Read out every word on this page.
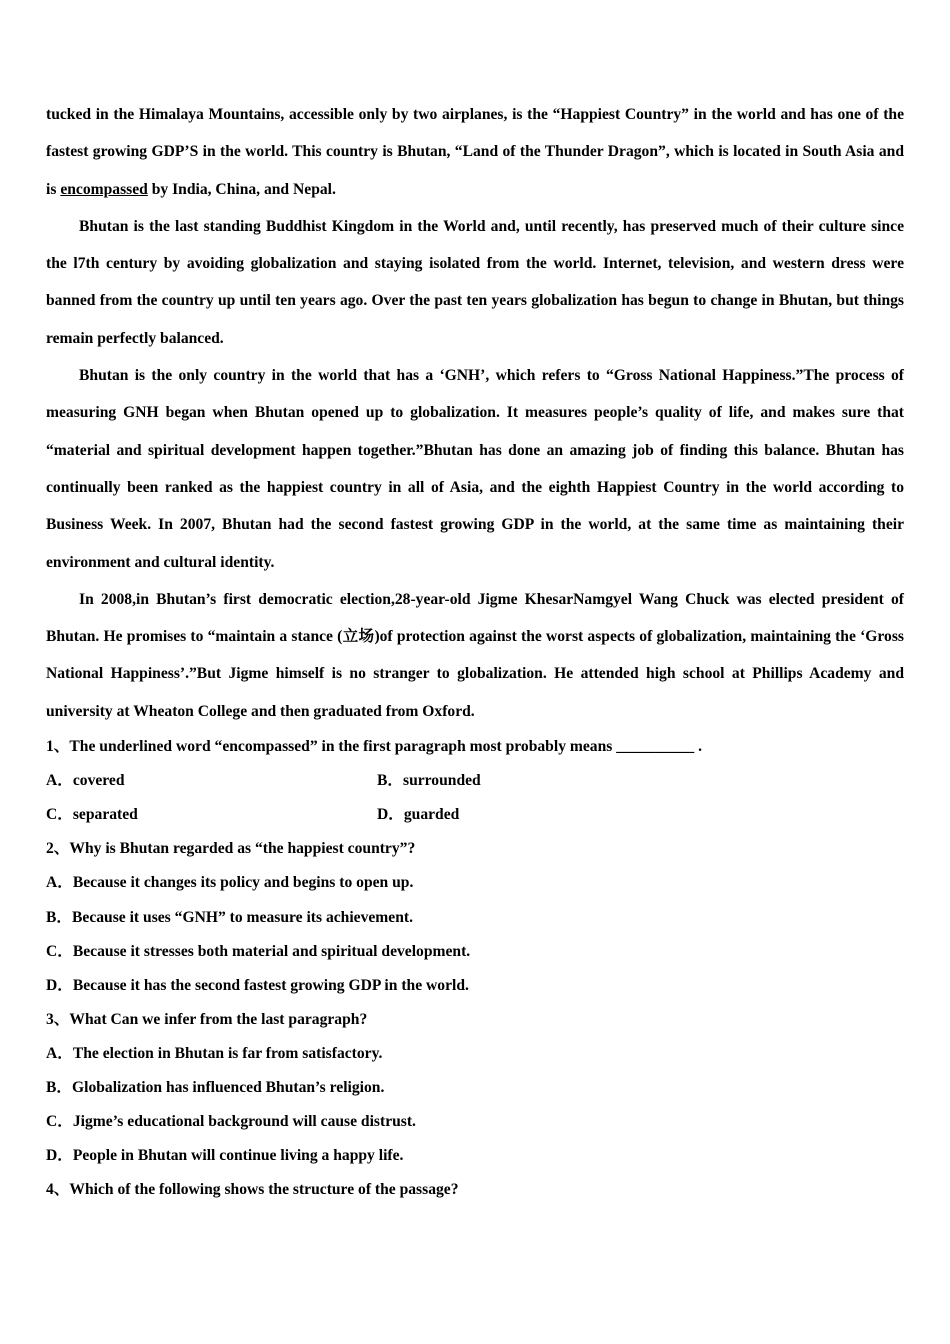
tucked in the Himalaya Mountains, accessible only by two airplanes, is the “Happiest Country” in the world and has one of the fastest growing GDP’S in the world. This country is Bhutan, “Land of the Thunder Dragon”, which is located in South Asia and is encompassed by India, China, and Nepal.

Bhutan is the last standing Buddhist Kingdom in the World and, until recently, has preserved much of their culture since the l7th century by avoiding globalization and staying isolated from the world. Internet, television, and western dress were banned from the country up until ten years ago. Over the past ten years globalization has begun to change in Bhutan, but things remain perfectly balanced.

Bhutan is the only country in the world that has a ‘GNH’, which refers to “Gross National Happiness.”The process of measuring GNH began when Bhutan opened up to globalization. It measures people’s quality of life, and makes sure that “material and spiritual development happen together.”Bhutan has done an amazing job of finding this balance. Bhutan has continually been ranked as the happiest country in all of Asia, and the eighth Happiest Country in the world according to Business Week. In 2007, Bhutan had the second fastest growing GDP in the world, at the same time as maintaining their environment and cultural identity.

In 2008,in Bhutan’s first democratic election,28-year-old Jigme KhesarNamgyel Wang Chuck was elected president of Bhutan. He promises to “maintain a stance (立场)of protection against the worst aspects of globalization, maintaining the ‘Gross National Happiness’.”But Jigme himself is no stranger to globalization. He attended high school at Phillips Academy and university at Wheaton College and then graduated from Oxford.

1、The underlined word “encompassed” in the first paragraph most probably means __________ .
A．covered	B．surrounded
C．separated	D．guarded
2、Why is Bhutan regarded as “the happiest country”?
A．Because it changes its policy and begins to open up.
B．Because it uses “GNH” to measure its achievement.
C．Because it stresses both material and spiritual development.
D．Because it has the second fastest growing GDP in the world.
3、What Can we infer from the last paragraph?
A．The election in Bhutan is far from satisfactory.
B．Globalization has influenced Bhutan’s religion.
C．Jigme’s educational background will cause distrust.
D．People in Bhutan will continue living a happy life.
4、Which of the following shows the structure of the passage?
